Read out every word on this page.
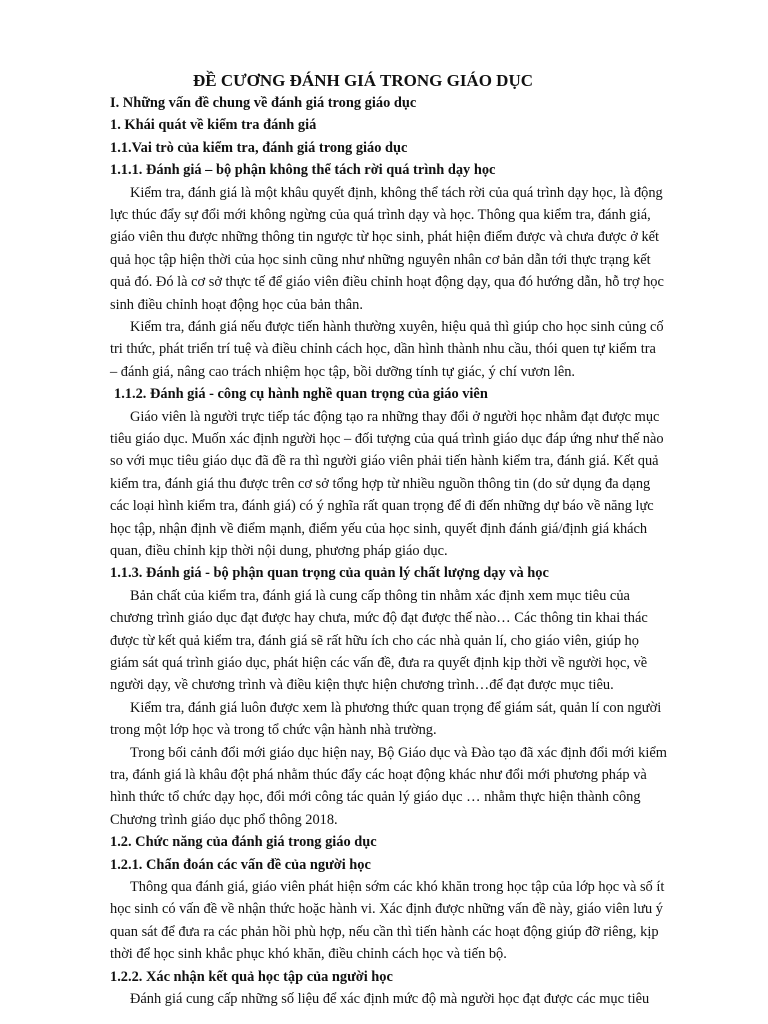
ĐỀ CƯƠNG ĐÁNH GIÁ TRONG GIÁO DỤC

I. Những vấn đề chung về đánh giá trong giáo dục

1. Khái quát về kiểm tra đánh giá

1.1.Vai trò của kiểm tra, đánh giá trong giáo dục

1.1.1. Đánh giá – bộ phận không thể tách rời quá trình dạy học

Kiểm tra, đánh giá là một khâu quyết định, không thể tách rời của quá trình dạy học, là động

lực thúc đẩy sự đổi mới không ngừng của quá trình dạy và học. Thông qua kiểm tra, đánh giá,

giáo viên thu được những thông tin ngược từ học sinh, phát hiện điểm được và chưa được ở kết

quả học tập hiện thời của học sinh cũng như những nguyên nhân cơ bản dẫn tới thực trạng kết

quả đó. Đó là cơ sở thực tế để giáo viên điều chỉnh hoạt động dạy, qua đó hướng dẫn, hỗ trợ học

sinh điều chỉnh hoạt động học của bản thân.

Kiểm tra, đánh giá nếu được tiến hành thường xuyên, hiệu quả thì giúp cho học sinh củng cố

tri thức, phát triển trí tuệ và điều chỉnh cách học, dần hình thành nhu cầu, thói quen tự kiểm tra

– đánh giá, nâng cao trách nhiệm học tập, bồi dưỡng tính tự giác, ý chí vươn lên.

1.1.2. Đánh giá - công cụ hành nghề quan trọng của giáo viên

Giáo viên là người trực tiếp tác động tạo ra những thay đổi ở người học nhằm đạt được mục

tiêu giáo dục. Muốn xác định người học – đối tượng của quá trình giáo dục đáp ứng như thế nào

so với mục tiêu giáo dục đã đề ra thì người giáo viên phải tiến hành kiểm tra, đánh giá. Kết quả

kiểm tra, đánh giá thu được trên cơ sở tổng hợp từ nhiều nguồn thông tin (do sử dụng đa dạng

các loại hình kiểm tra, đánh giá) có ý nghĩa rất quan trọng để đi đến những dự báo về năng lực

học tập, nhận định về điểm mạnh, điểm yếu của học sinh, quyết định đánh giá/định giá khách

quan, điều chỉnh kịp thời nội dung, phương pháp giáo dục.

1.1.3. Đánh giá - bộ phận quan trọng của quản lý chất lượng dạy và học

Bản chất của kiểm tra, đánh giá là cung cấp thông tin nhằm xác định xem mục tiêu của

chương trình giáo dục đạt được hay chưa, mức độ đạt được thế nào… Các thông tin khai thác

được từ kết quả kiểm tra, đánh giá sẽ rất hữu ích cho các nhà quản lí, cho giáo viên, giúp họ

giám sát quá trình giáo dục, phát hiện các vấn đề, đưa ra quyết định kịp thời về người học, về

người dạy, về chương trình và điều kiện thực hiện chương trình…để đạt được mục tiêu.

Kiểm tra, đánh giá luôn được xem là phương thức quan trọng để giám sát, quản lí con người

trong một lớp học và trong tổ chức vận hành nhà trường.

Trong bối cảnh đổi mới giáo dục hiện nay, Bộ Giáo dục và Đào tạo đã xác định đổi mới kiểm

tra, đánh giá là khâu đột phá nhằm thúc đẩy các hoạt động khác như đổi mới phương pháp và

hình thức tổ chức dạy học, đổi mới công tác quản lý giáo dục … nhằm thực hiện thành công

Chương trình giáo dục phổ thông 2018.

1.2. Chức năng của đánh giá trong giáo dục

1.2.1. Chẩn đoán các vấn đề của người học

Thông qua đánh giá, giáo viên phát hiện sớm các khó khăn trong học tập của lớp học và số ít

học sinh có vấn đề về nhận thức hoặc hành vi. Xác định được những vấn đề này, giáo viên lưu ý

quan sát để đưa ra các phản hồi phù hợp, nếu cần thì tiến hành các hoạt động giúp đỡ riêng, kịp

thời để học sinh khắc phục khó khăn, điều chỉnh cách học và tiến bộ.

1.2.2. Xác nhận kết quả học tập của người học

Đánh giá cung cấp những số liệu để xác định mức độ mà người học đạt được các mục tiêu
